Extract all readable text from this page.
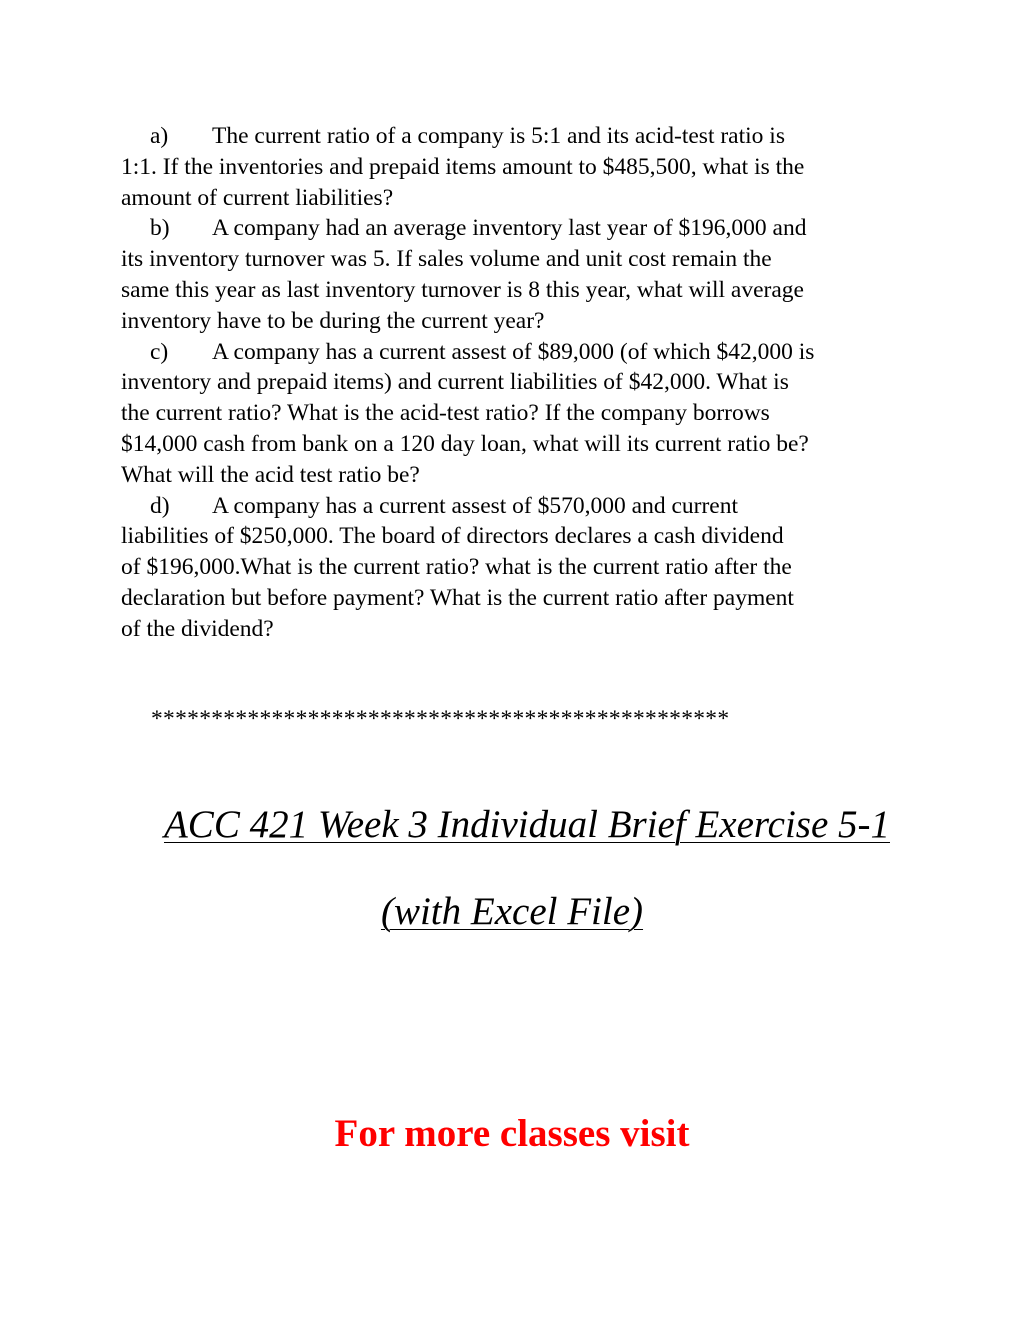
a) The current ratio of a company is 5:1 and its acid-test ratio is
1:1. If the inventories and prepaid items amount to $485,500, what is the
amount of current liabilities?
b) A company had an average inventory last year of $196,000 and
its inventory turnover was 5. If sales volume and unit cost remain the
same this year as last inventory turnover is 8 this year, what will average
inventory have to be during the current year?
c) A company has a current assest of $89,000 (of which $42,000 is
inventory and prepaid items) and current liabilities of $42,000. What is
the current ratio? What is the acid-test ratio? If the company borrows
$14,000 cash from bank on a 120 day loan, what will its current ratio be?
What will the acid test ratio be?
d) A company has a current assest of $570,000 and current
liabilities of $250,000. The board of directors declares a cash dividend
of $196,000.What is the current ratio? what is the current ratio after the
declaration but before payment? What is the current ratio after payment
of the dividend?
************************************************
ACC 421 Week 3 Individual Brief Exercise 5-1
(with Excel File)
For more classes visit
